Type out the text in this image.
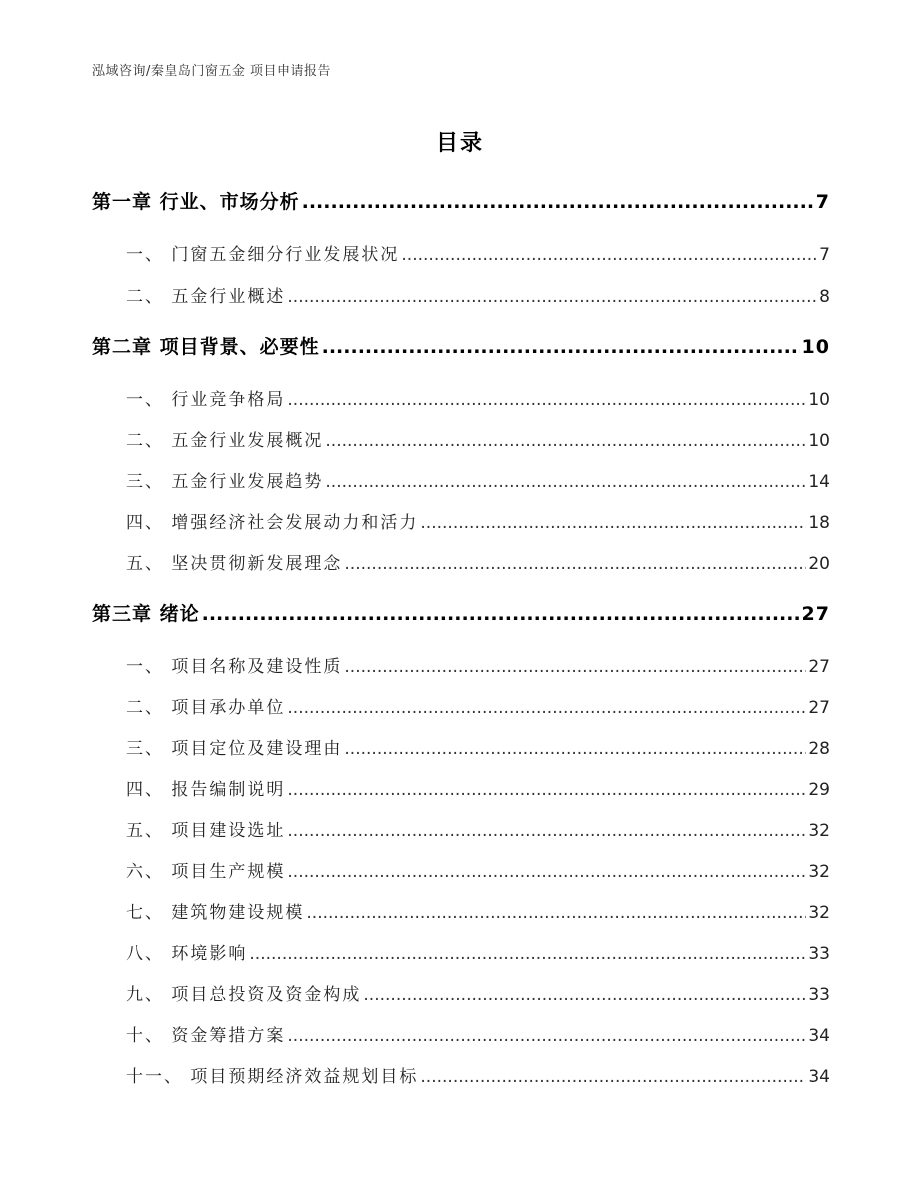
泓域咨询/秦皇岛门窗五金 项目申请报告
目录
第一章 行业、市场分析 .....	7
一、 门窗五金细分行业发展状况 .....	7
二、 五金行业概述 .....	8
第二章 项目背景、必要性 .....	10
一、 行业竞争格局 .....	10
二、 五金行业发展概况 .....	10
三、 五金行业发展趋势 .....	14
四、 增强经济社会发展动力和活力 .....	18
五、 坚决贯彻新发展理念 .....	20
第三章 绪论 .....	27
一、 项目名称及建设性质 .....	27
二、 项目承办单位 .....	27
三、 项目定位及建设理由 .....	28
四、 报告编制说明 .....	29
五、 项目建设选址 .....	32
六、 项目生产规模 .....	32
七、 建筑物建设规模 .....	32
八、 环境影响 .....	33
九、 项目总投资及资金构成 .....	33
十、 资金筹措方案 .....	34
十一、 项目预期经济效益规划目标 .....	34
